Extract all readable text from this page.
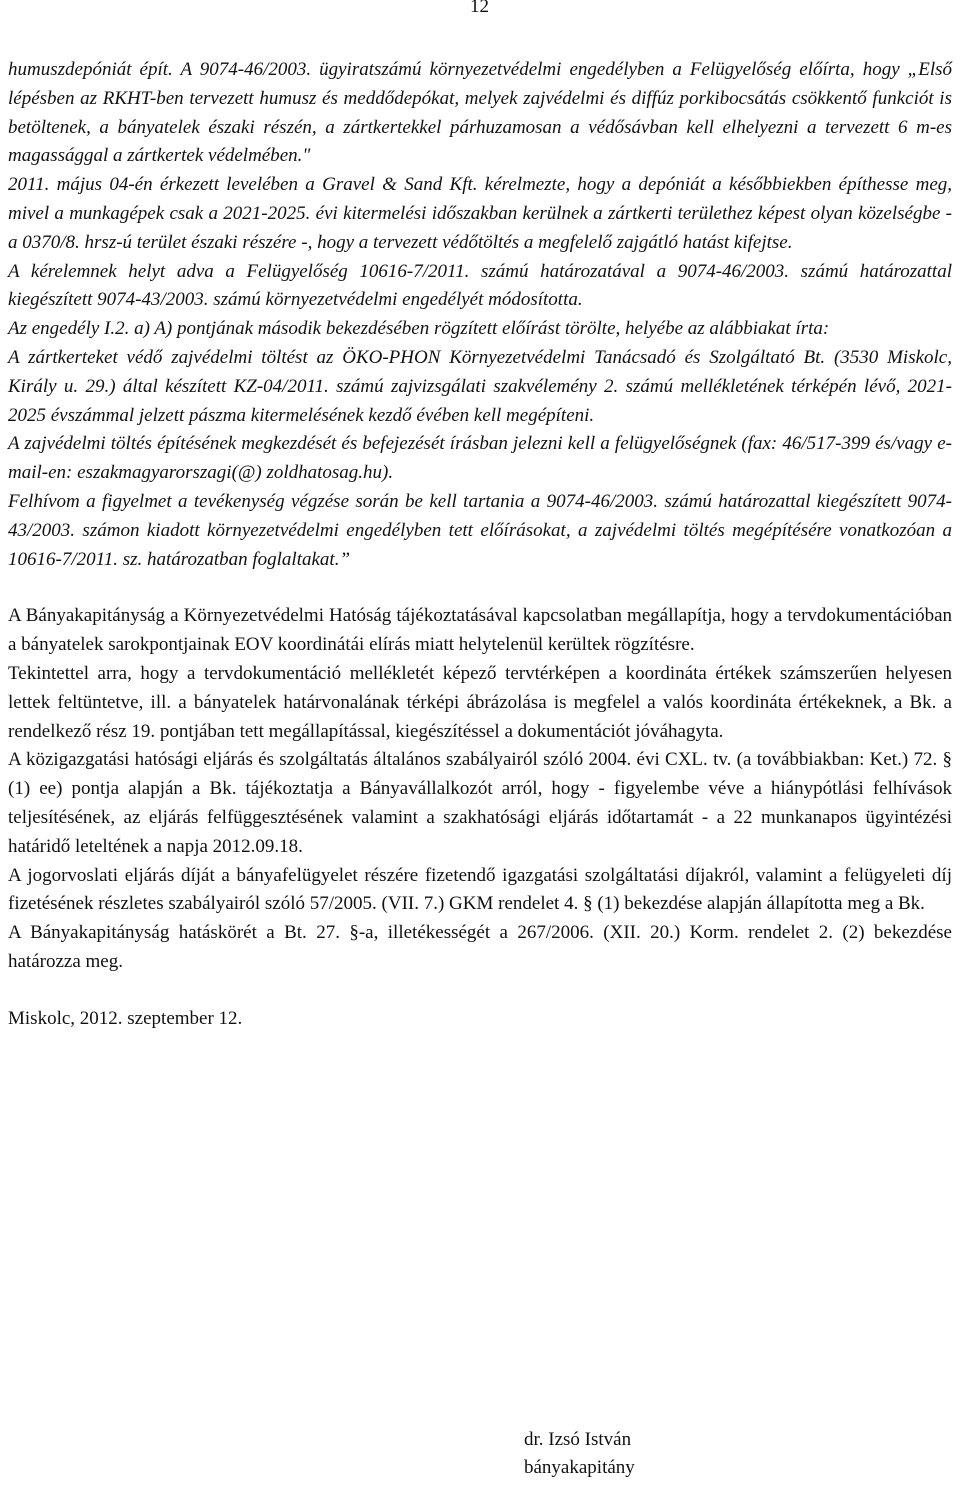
12

humuszdepóniát épít. A 9074-46/2003. ügyiratszámú környezetvédelmi engedélyben a Felügyelőség előírta, hogy „Első lépésben az RKHT-ben tervezett humusz és meddődepókat, melyek zajvédelmi és diffúz porkibocsátás csökkentő funkciót is betöltenek, a bányatelek északi részén, a zártkertekkel párhuzamosan a védősávban kell elhelyezni a tervezett 6 m-es magassággal a zártkertek védelmében."

2011. május 04-én érkezett levelében a Gravel & Sand Kft. kérelmezte, hogy a depóniát a későbbiekben építhesse meg, mivel a munkagépek csak a 2021-2025. évi kitermelési időszakban kerülnek a zártkerti területhez képest olyan közelségbe - a 0370/8. hrsz-ú terület északi részére -, hogy a tervezett védőtöltés a megfelelő zajgátló hatást kifejtse.

A kérelemnek helyt adva a Felügyelőség 10616-7/2011. számú határozatával a 9074-46/2003. számú határozattal kiegészített 9074-43/2003. számú környezetvédelmi engedélyét módosította.

Az engedély I.2. a) A) pontjának második bekezdésében rögzített előírást törölte, helyébe az alábbiakat írta:

A zártkerteket védő zajvédelmi töltést az ÖKO-PHON Környezetvédelmi Tanácsadó és Szolgáltató Bt. (3530 Miskolc, Király u. 29.) által készített KZ-04/2011. számú zajvizsgálati szakvélemény 2. számú mellékletének térképén lévő, 2021- 2025 évszámmal jelzett pászma kitermelésének kezdő évében kell megépíteni.

A zajvédelmi töltés építésének megkezdését és befejezését írásban jelezni kell a felügyelőségnek (fax: 46/517-399 és/vagy e-mail-en: eszakmagyarorszagi(@) zoldhatosag.hu).

Felhívom a figyelmet a tevékenység végzése során be kell tartania a 9074-46/2003. számú határozattal kiegészített 9074-43/2003. számon kiadott környezetvédelmi engedélyben tett előírásokat, a zajvédelmi töltés megépítésére vonatkozóan a 10616-7/2011. sz. határozatban foglaltakat.”

A Bányakapitányság a Környezetvédelmi Hatóság tájékoztatásával kapcsolatban megállapítja, hogy a tervdokumentációban a bányatelek sarokpontjainak EOV koordinátái elírás miatt helytelenül kerültek rögzítésre.

Tekintettel arra, hogy a tervdokumentáció mellékletét képező tervtérképen a koordináta értékek számszerűen helyesen lettek feltüntetve, ill. a bányatelek határvonalának térképi ábrázolása is megfelel a valós koordináta értékeknek, a Bk. a rendelkező rész 19. pontjában tett megállapítással, kiegészítéssel a dokumentációt jóváhagyta.

A közigazgatási hatósági eljárás és szolgáltatás általános szabályairól szóló 2004. évi CXL. tv. (a továbbiakban: Ket.) 72. § (1) ee) pontja alapján a Bk. tájékoztatja a Bányavállalkozót arról, hogy - figyelembe véve a hiánypótlási felhívások teljesítésének, az eljárás felfüggesztésének valamint a szakhatósági eljárás időtartamát - a 22 munkanapos ügyintézési határidő leteltének a napja 2012.09.18.

A jogorvoslati eljárás díját a bányafelügyelet részére fizetendő igazgatási szolgáltatási díjakról, valamint a felügyeleti díj fizetésének részletes szabályairól szóló 57/2005. (VII. 7.) GKM rendelet 4. § (1) bekezdése alapján állapította meg a Bk.

A Bányakapitányság hatáskörét a Bt. 27. §-a, illetékességét a 267/2006. (XII. 20.) Korm. rendelet 2. (2) bekezdése határozza meg.

Miskolc, 2012. szeptember 12.

dr. Izsó István
bányakapitány
